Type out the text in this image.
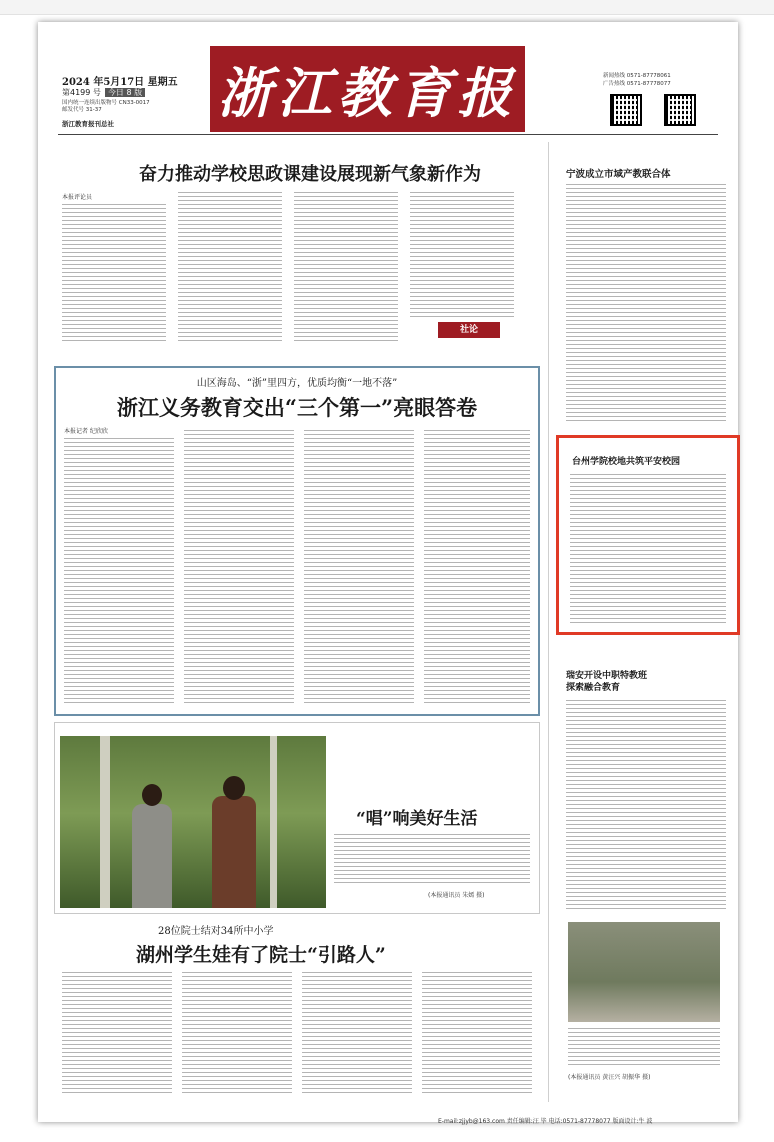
2024 年5月17日 星期五
第4199 号 今日 8 版
国内统一连续出版物号 CN33-0017
邮发代号 31-37
浙江教育报刊总社 浙江教育报	新闻热线 0571-87778061
广告热线 0571-87778077
奋力推动学校思政课建设展现新气象新作为
本报评论员
社论
山区海岛、“浙”里四方，优质均衡“一地不落”
浙江义务教育交出“三个第一”亮眼答卷
本报记者 纪欣欣
“唱”响美好生活
(本报通讯员 朱嫣 摄)
28位院士结对34所中小学
湖州学生娃有了院士“引路人”
宁波成立市域产教联合体
台州学院校地共筑平安校园
瑞安开设中职特教班
探索融合教育
(本报通讯员 黄汪兴 胡振华 摄)
E-mail:zjjyb@163.com 责任编辑:汪 毕 电话:0571-87778077 版面设计:牛 波
